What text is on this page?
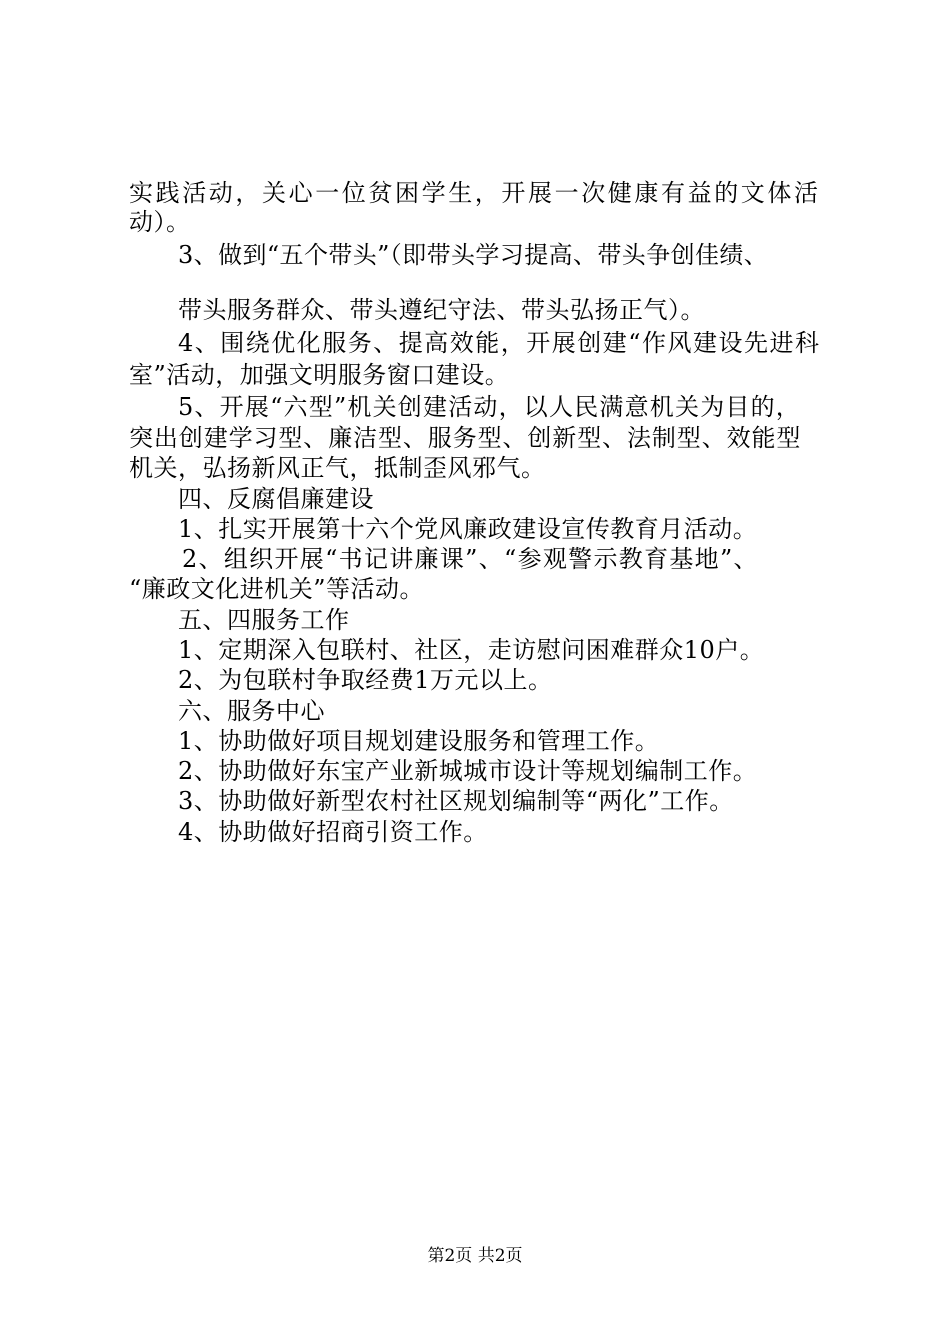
实践活动，关心一位贫困学生，开展一次健康有益的文体活
动）。
3、做到“五个带头”（即带头学习提高、带头争创佳绩、
带头服务群众、带头遵纪守法、带头弘扬正气）。
4、围绕优化服务、提高效能，开展创建“作风建设先进科
室”活动，加强文明服务窗口建设。
5、开展“六型”机关创建活动，以人民满意机关为目的，
突出创建学习型、廉洁型、服务型、创新型、法制型、效能型
机关，弘扬新风正气，抵制歪风邪气。
四、反腐倡廉建设
1、扎实开展第十六个党风廉政建设宣传教育月活动。
2、组织开展“书记讲廉课”、“参观警示教育基地”、
“廉政文化进机关”等活动。
五、四服务工作
1、定期深入包联村、社区，走访慰问困难群众10户。
2、为包联村争取经费1万元以上。
六、服务中心
1、协助做好项目规划建设服务和管理工作。
2、协助做好东宝产业新城城市设计等规划编制工作。
3、协助做好新型农村社区规划编制等“两化”工作。
4、协助做好招商引资工作。
第2页 共2页
